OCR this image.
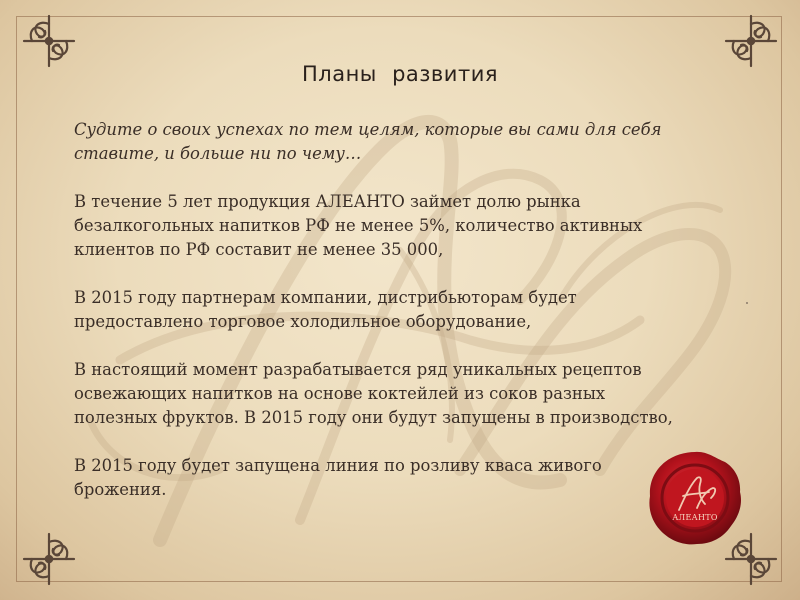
Планы развития

Судите о своих успехах по тем целям, которые вы сами для себя ставите, и больше ни по чему…

В течение 5 лет продукция АЛЕАНТО займет долю рынка безалкогольных напитков РФ не менее 5%, количество активных клиентов по РФ составит не менее 35 000,

В 2015 году партнерам компании, дистрибьюторам будет предоставлено торговое холодильное оборудование,

В настоящий момент разрабатывается ряд уникальных рецептов освежающих напитков на основе коктейлей из соков разных полезных фруктов. В 2015 году они будут запущены в производство,

В 2015 году будет запущена линия по розливу кваса живого брожения.

АЛЕАНТО
